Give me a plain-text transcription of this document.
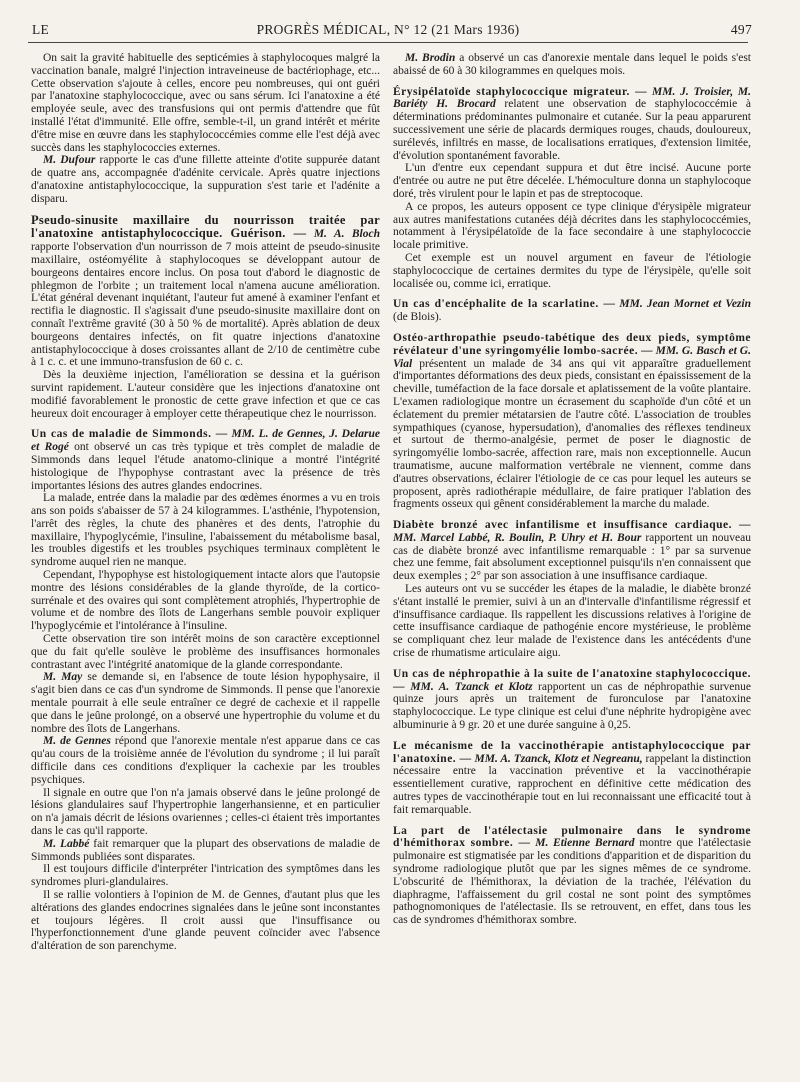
LE	PROGRÈS MÉDICAL, N° 12 (21 Mars 1936)	497

On sait la gravité habituelle des septicémies à staphylocoques malgré la vaccination banale, malgré l'injection intraveineuse de bactériophage, etc... Cette observation s'ajoute à celles, encore peu nombreuses, qui ont guéri par l'anatoxine staphylococcique, avec ou sans sérum. Ici l'anatoxine a été employée seule, avec des transfusions qui ont permis d'attendre que fût installé l'état d'immunité. Elle offre, semble-t-il, un grand intérêt et mérite d'être mise en œuvre dans les staphylococcémies comme elle l'est déjà avec succès dans les staphylococcies externes.

M. Dufour rapporte le cas d'une fillette atteinte d'otite suppurée datant de quatre ans, accompagnée d'adénite cervicale. Après quatre injections d'anatoxine antistaphylococcique, la suppuration s'est tarie et l'adénite a disparu.

Pseudo-sinusite maxillaire du nourrisson traitée par l'anatoxine antistaphylococcique. Guérison. — M. A. Bloch rapporte l'observation d'un nourrisson de 7 mois atteint de pseudo-sinusite maxillaire, ostéomyélite à staphylocoques se développant autour de bourgeons dentaires encore inclus. On posa tout d'abord le diagnostic de phlegmon de l'orbite ; un traitement local n'amena aucune amélioration. L'état général devenant inquiétant, l'auteur fut amené à examiner l'enfant et rectifia le diagnostic. Il s'agissait d'une pseudo-sinusite maxillaire dont on connaît l'extrême gravité (30 à 50 % de mortalité). Après ablation de deux bourgeons dentaires infectés, on fit quatre injections d'anatoxine antistaphylococcique à doses croissantes allant de 2/10 de centimètre cube à 1 c. c. et une immuno-transfusion de 60 c. c.

Dès la deuxième injection, l'amélioration se dessina et la guérison survint rapidement. L'auteur considère que les injections d'anatoxine ont modifié favorablement le pronostic de cette grave infection et que ce cas heureux doit encourager à employer cette thérapeutique chez le nourrisson.

Un cas de maladie de Simmonds. — MM. L. de Gennes, J. Delarue et Rogé ont observé un cas très typique et très complet de maladie de Simmonds dans lequel l'étude anatomo-clinique a montré l'intégrité histologique de l'hypophyse contrastant avec la présence de très importantes lésions des autres glandes endocrines.

La malade, entrée dans la maladie par des œdèmes énormes a vu en trois ans son poids s'abaisser de 57 à 24 kilogrammes. L'asthénie, l'hypotension, l'arrêt des règles, la chute des phanères et des dents, l'atrophie du maxillaire, l'hypoglycémie, l'insuline, l'abaissement du métabolisme basal, les troubles digestifs et les troubles psychiques terminaux complètent le syndrome auquel rien ne manque.

Cependant, l'hypophyse est histologiquement intacte alors que l'autopsie montre des lésions considérables de la glande thyroïde, de la cortico-surrénale et des ovaires qui sont complètement atrophiés, l'hypertrophie de volume et de nombre des îlots de Langerhans semble pouvoir expliquer l'hypoglycémie et l'intolérance à l'insuline.

Cette observation tire son intérêt moins de son caractère exceptionnel que du fait qu'elle soulève le problème des insuffisances hormonales contrastant avec l'intégrité anatomique de la glande correspondante.

M. May se demande si, en l'absence de toute lésion hypophysaire, il s'agit bien dans ce cas d'un syndrome de Simmonds. Il pense que l'anorexie mentale pourrait à elle seule entraîner ce degré de cachexie et il rappelle que dans le jeûne prolongé, on a observé une hypertrophie du volume et du nombre des îlots de Langerhans.

M. de Gennes répond que l'anorexie mentale n'est apparue dans ce cas qu'au cours de la troisième année de l'évolution du syndrome ; il lui paraît difficile dans ces conditions d'expliquer la cachexie par les troubles psychiques.

Il signale en outre que l'on n'a jamais observé dans le jeûne prolongé de lésions glandulaires sauf l'hypertrophie langerhansienne, et en particulier on n'a jamais décrit de lésions ovariennes ; celles-ci étaient très importantes dans le cas qu'il rapporte.

M. Labbé fait remarquer que la plupart des observations de maladie de Simmonds publiées sont disparates.

Il est toujours difficile d'interpréter l'intrication des symptômes dans les syndromes pluri-glandulaires.

Il se rallie volontiers à l'opinion de M. de Gennes, d'autant plus que les altérations des glandes endocrines signalées dans le jeûne sont inconstantes et toujours légères. Il croit aussi que l'insuffisance ou l'hyperfonctionnement d'une glande peuvent coïncider avec l'absence d'altération de son parenchyme.

M. Brodin a observé un cas d'anorexie mentale dans lequel le poids s'est abaissé de 60 à 30 kilogrammes en quelques mois.

Érysipélatoïde staphylococcique migrateur. — MM. J. Troisier, M. Bariéty H. Brocard relatent une observation de staphylococcémie à déterminations prédominantes pulmonaire et cutanée. Sur la peau apparurent successivement une série de placards dermiques rouges, chauds, douloureux, surélevés, infiltrés en masse, de localisations erratiques, d'extension limitée, d'évolution spontanément favorable.

L'un d'entre eux cependant suppura et dut être incisé. Aucune porte d'entrée ou autre ne put être décelée. L'hémoculture donna un staphylocoque doré, très virulent pour le lapin et pas de streptocoque.

A ce propos, les auteurs opposent ce type clinique d'érysipèle migrateur aux autres manifestations cutanées déjà décrites dans les staphylococcémies, notamment à l'érysipélatoïde de la face secondaire à une staphylococcie locale primitive.

Cet exemple est un nouvel argument en faveur de l'étiologie staphylococcique de certaines dermites du type de l'érysipèle, qu'elle soit localisée ou, comme ici, erratique.

Un cas d'encéphalite de la scarlatine. — MM. Jean Mornet et Vezin (de Blois).

Ostéo-arthropathie pseudo-tabétique des deux pieds, symptôme révélateur d'une syringomyélie lombo-sacrée. — MM. G. Basch et G. Vial présentent un malade de 34 ans qui vit apparaître graduellement d'importantes déformations des deux pieds, consistant en épaississement de la cheville, tuméfaction de la face dorsale et aplatissement de la voûte plantaire. L'examen radiologique montre un écrasement du scaphoïde d'un côté et un éclatement du premier métatarsien de l'autre côté. L'association de troubles sympathiques (cyanose, hypersudation), d'anomalies des réflexes tendineux et surtout de thermo-analgésie, permet de poser le diagnostic de syringomyélie lombo-sacrée, affection rare, mais non exceptionnelle. Aucun traumatisme, aucune malformation vertébrale ne viennent, comme dans d'autres observations, éclairer l'étiologie de ce cas pour lequel les auteurs se proposent, après radiothérapie médullaire, de faire pratiquer l'ablation des fragments osseux qui gênent considérablement la marche du malade.

Diabète bronzé avec infantilisme et insuffisance cardiaque. — MM. Marcel Labbé, R. Boulin, P. Uhry et H. Bour rapportent un nouveau cas de diabète bronzé avec infantilisme remarquable : 1° par sa survenue chez une femme, fait absolument exceptionnel puisqu'ils n'en connaissent que deux exemples ; 2° par son association à une insuffisance cardiaque.

Les auteurs ont vu se succéder les étapes de la maladie, le diabète bronzé s'étant installé le premier, suivi à un an d'intervalle d'infantilisme régressif et d'insuffisance cardiaque. Ils rappellent les discussions relatives à l'origine de cette insuffisance cardiaque de pathogénie encore mystérieuse, le problème se compliquant chez leur malade de l'existence dans les antécédents d'une crise de rhumatisme articulaire aigu.

Un cas de néphropathie à la suite de l'anatoxine staphylococcique. — MM. A. Tzanck et Klotz rapportent un cas de néphropathie survenue quinze jours après un traitement de furonculose par l'anatoxine staphylococcique. Le type clinique est celui d'une néphrite hydropigène avec albuminurie à 9 gr. 20 et une durée sanguine à 0,25.

Le mécanisme de la vaccinothérapie antistaphylococcique par l'anatoxine. — MM. A. Tzanck, Klotz et Negreanu, rappelant la distinction nécessaire entre la vaccination préventive et la vaccinothérapie essentiellement curative, rapprochent en définitive cette médication des autres types de vaccinothérapie tout en lui reconnaissant une efficacité tout à fait remarquable.

La part de l'atélectasie pulmonaire dans le syndrome d'hémithorax sombre. — M. Etienne Bernard montre que l'atélectasie pulmonaire est stigmatisée par les conditions d'apparition et de disparition du syndrome radiologique plutôt que par les signes mêmes de ce syndrome. L'obscurité de l'hémithorax, la déviation de la trachée, l'élévation du diaphragme, l'affaissement du gril costal ne sont point des symptômes pathognomoniques de l'atélectasie. Ils se retrouvent, en effet, dans tous les cas de syndromes d'hémithorax sombre.
